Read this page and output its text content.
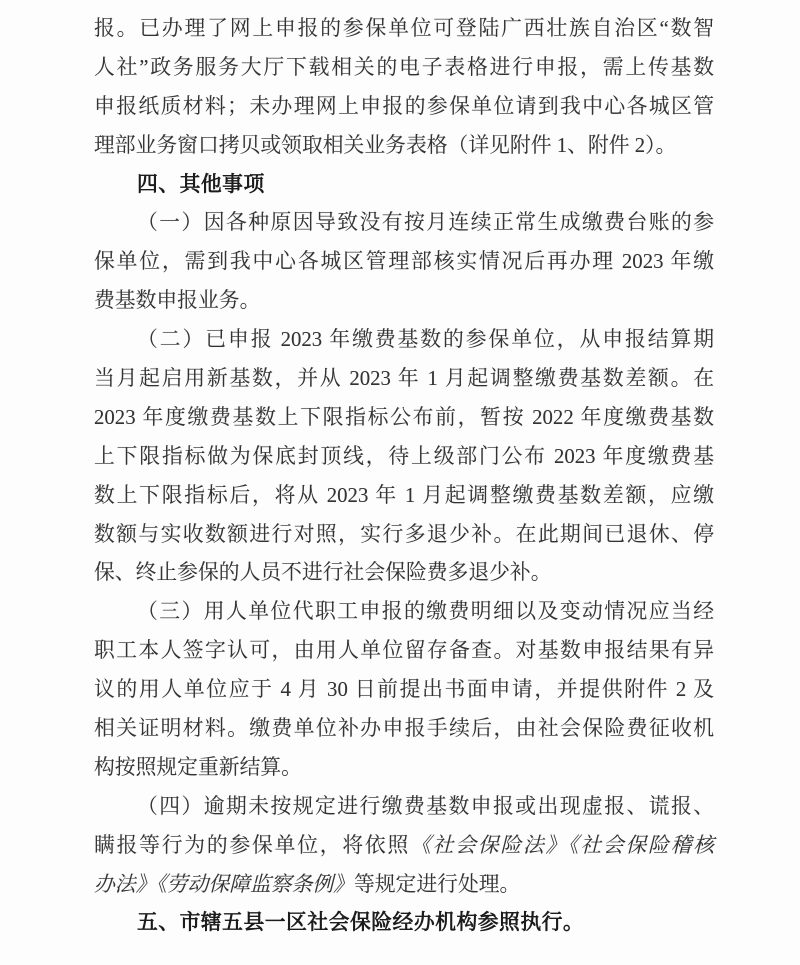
报。已办理了网上申报的参保单位可登陆广西壮族自治区“数智
人社”政务服务大厅下载相关的电子表格进行申报，需上传基数
申报纸质材料；未办理网上申报的参保单位请到我中心各城区管
理部业务窗口拷贝或领取相关业务表格（详见附件 1、附件 2）。
四、其他事项
（一）因各种原因导致没有按月连续正常生成缴费台账的参
保单位，需到我中心各城区管理部核实情况后再办理 2023 年缴
费基数申报业务。
（二）已申报 2023 年缴费基数的参保单位，从申报结算期
当月起启用新基数，并从 2023 年 1 月起调整缴费基数差额。在
2023 年度缴费基数上下限指标公布前，暂按 2022 年度缴费基数
上下限指标做为保底封顶线，待上级部门公布 2023 年度缴费基
数上下限指标后，将从 2023 年 1 月起调整缴费基数差额，应缴
数额与实收数额进行对照，实行多退少补。在此期间已退休、停
保、终止参保的人员不进行社会保险费多退少补。
（三）用人单位代职工申报的缴费明细以及变动情况应当经
职工本人签字认可，由用人单位留存备查。对基数申报结果有异
议的用人单位应于 4 月 30 日前提出书面申请，并提供附件 2 及
相关证明材料。缴费单位补办申报手续后，由社会保险费征收机
构按照规定重新结算。
（四）逾期未按规定进行缴费基数申报或出现虚报、谎报、
瞒报等行为的参保单位，将依照《社会保险法》《社会保险稽核
办法》《劳动保障监察条例》等规定进行处理。
五、市辖五县一区社会保险经办机构参照执行。
